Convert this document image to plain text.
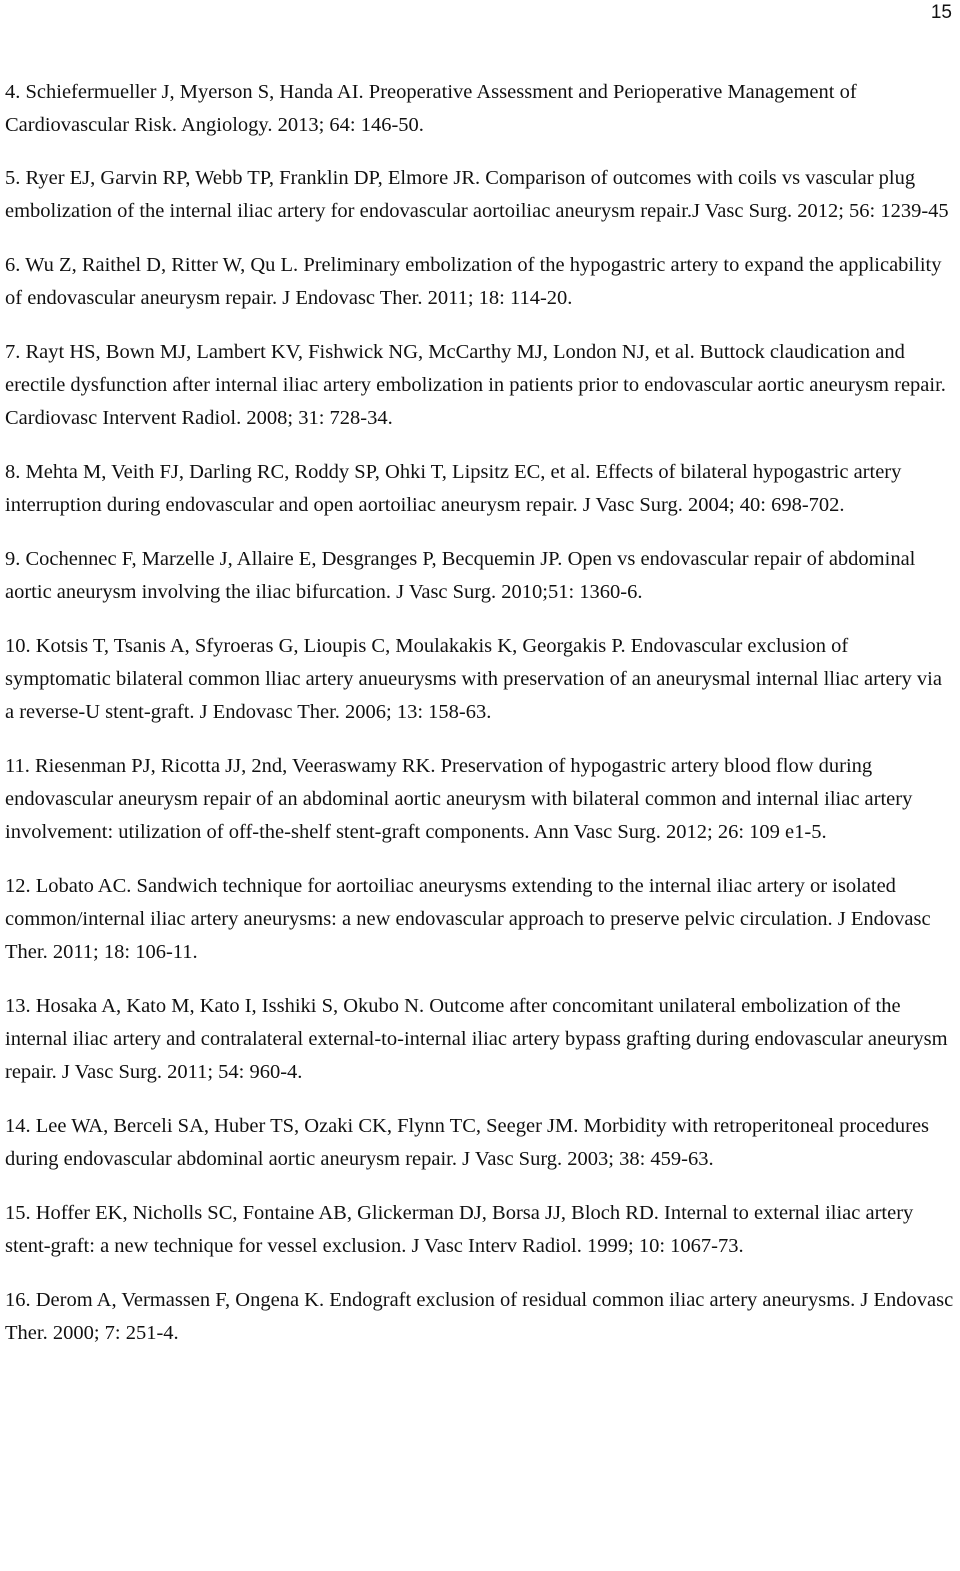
15

4. Schiefermueller J, Myerson S, Handa AI. Preoperative Assessment and Perioperative Management of Cardiovascular Risk. Angiology. 2013; 64: 146-50.

5. Ryer EJ, Garvin RP, Webb TP, Franklin DP, Elmore JR. Comparison of outcomes with coils vs vascular plug embolization of the internal iliac artery for endovascular aortoiliac aneurysm repair.J Vasc Surg. 2012; 56: 1239-45

6. Wu Z, Raithel D, Ritter W, Qu L. Preliminary embolization of the hypogastric artery to expand the applicability of endovascular aneurysm repair. J Endovasc Ther. 2011; 18: 114-20.

7. Rayt HS, Bown MJ, Lambert KV, Fishwick NG, McCarthy MJ, London NJ, et al. Buttock claudication and erectile dysfunction after internal iliac artery embolization in patients prior to endovascular aortic aneurysm repair. Cardiovasc Intervent Radiol. 2008; 31: 728-34.

8. Mehta M, Veith FJ, Darling RC, Roddy SP, Ohki T, Lipsitz EC, et al. Effects of bilateral hypogastric artery interruption during endovascular and open aortoiliac aneurysm repair. J Vasc Surg. 2004; 40: 698-702.

9. Cochennec F, Marzelle J, Allaire E, Desgranges P, Becquemin JP. Open vs endovascular repair of abdominal aortic aneurysm involving the iliac bifurcation. J Vasc Surg. 2010;51: 1360-6.

10. Kotsis T, Tsanis A, Sfyroeras G, Lioupis C, Moulakakis K, Georgakis P. Endovascular exclusion of symptomatic bilateral common lliac artery anueurysms with preservation of an aneurysmal internal lliac artery via a reverse-U stent-graft. J Endovasc Ther. 2006; 13: 158-63.

11. Riesenman PJ, Ricotta JJ, 2nd, Veeraswamy RK. Preservation of hypogastric artery blood flow during endovascular aneurysm repair of an abdominal aortic aneurysm with bilateral common and internal iliac artery involvement: utilization of off-the-shelf stent-graft components. Ann Vasc Surg. 2012; 26: 109 e1-5.

12. Lobato AC. Sandwich technique for aortoiliac aneurysms extending to the internal iliac artery or isolated common/internal iliac artery aneurysms: a new endovascular approach to preserve pelvic circulation. J Endovasc Ther. 2011; 18: 106-11.

13. Hosaka A, Kato M, Kato I, Isshiki S, Okubo N. Outcome after concomitant unilateral embolization of the internal iliac artery and contralateral external-to-internal iliac artery bypass grafting during endovascular aneurysm repair. J Vasc Surg. 2011; 54: 960-4.

14. Lee WA, Berceli SA, Huber TS, Ozaki CK, Flynn TC, Seeger JM. Morbidity with retroperitoneal procedures during endovascular abdominal aortic aneurysm repair. J Vasc Surg. 2003; 38: 459-63.

15. Hoffer EK, Nicholls SC, Fontaine AB, Glickerman DJ, Borsa JJ, Bloch RD. Internal to external iliac artery stent-graft: a new technique for vessel exclusion. J Vasc Interv Radiol. 1999; 10: 1067-73.

16. Derom A, Vermassen F, Ongena K. Endograft exclusion of residual common iliac artery aneurysms. J Endovasc Ther. 2000; 7: 251-4.
